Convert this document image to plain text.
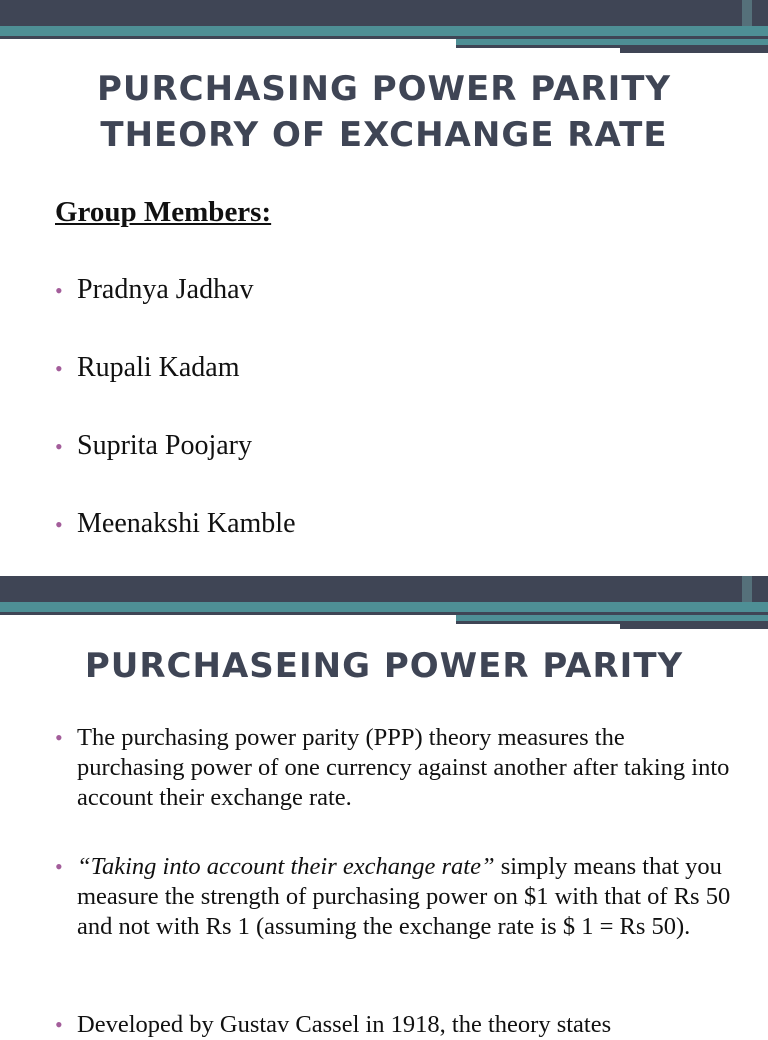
PURCHASING POWER PARITY
THEORY OF EXCHANGE RATE
Group Members:
• Pradnya Jadhav
• Rupali Kadam
• Suprita Poojary
• Meenakshi Kamble
PURCHASEING POWER PARITY
• The purchasing power parity (PPP) theory measures the purchasing power of one currency against another after taking into account their exchange rate.
• “Taking into account their exchange rate” simply means that you measure the strength of purchasing power on $1 with that of Rs 50 and not with Rs 1 (assuming the exchange rate is $ 1 = Rs 50).
• Developed by Gustav Cassel in 1918, the theory states
